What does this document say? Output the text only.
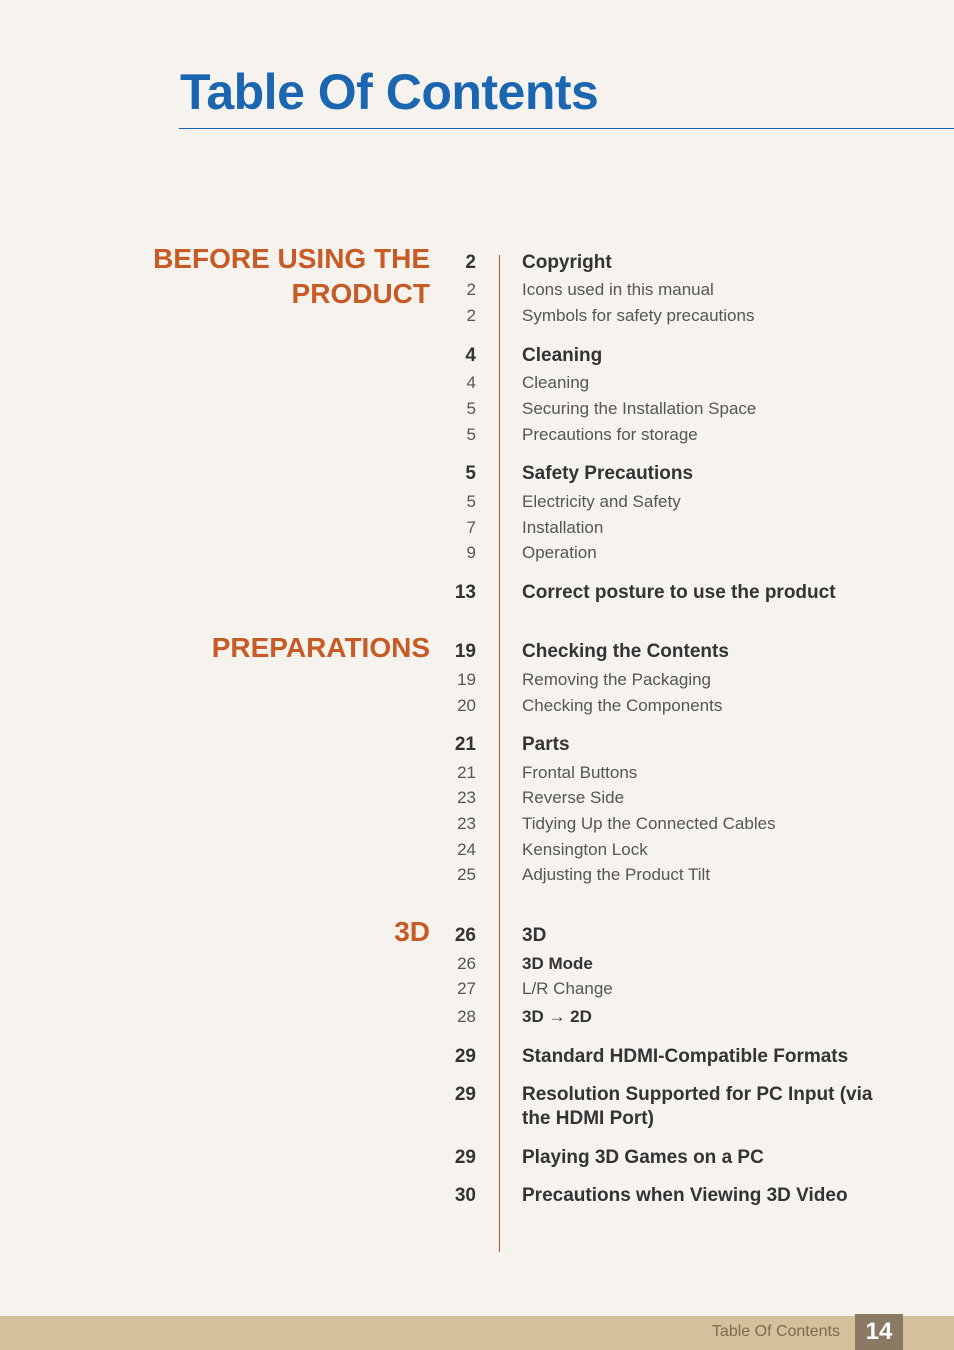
Table Of Contents
BEFORE USING THE
PRODUCT
PREPARATIONS
3D
2 Copyright
2	Icons used in this manual
2	Symbols for safety precautions
4 Cleaning
4	Cleaning
5	Securing the Installation Space
5	Precautions for storage
5 Safety Precautions
5	Electricity and Safety
7	Installation
9	Operation
13 Correct posture to use the product
19 Checking the Contents
19	Removing the Packaging
20	Checking the Components
21 Parts
21	Frontal Buttons
23	Reverse Side
23	Tidying Up the Connected Cables
24	Kensington Lock
25	Adjusting the Product Tilt
26 3D
26	3D Mode
27	L/R Change
28	3D → 2D
29 Standard HDMI-Compatible Formats
29 Resolution Supported for PC Input (via the HDMI Port)
29 Playing 3D Games on a PC
30 Precautions when Viewing 3D Video
Table Of Contents	14
